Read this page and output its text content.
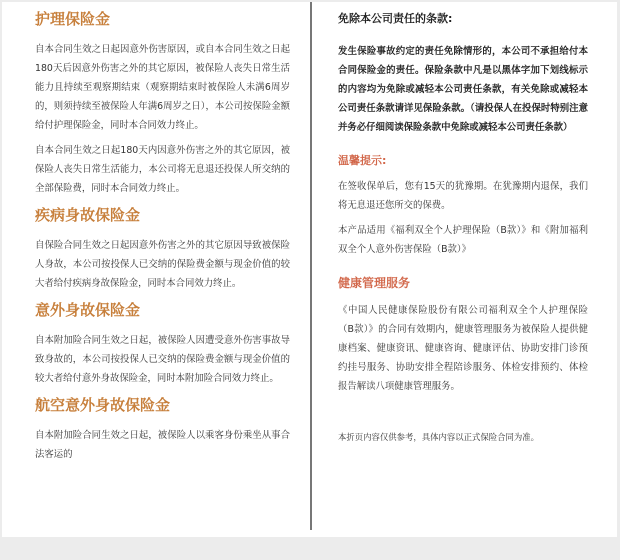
护理保险金

自本合同生效之日起因意外伤害原因，或自本合同生效之日起180天后因意外伤害之外的其它原因，被保险人丧失日常生活能力且持续至观察期结束（观察期结束时被保险人未满6周岁的，则须持续至被保险人年满6周岁之日），本公司按保险金额给付护理保险金，同时本合同效力终止。

自本合同生效之日起180天内因意外伤害之外的其它原因，被保险人丧失日常生活能力，本公司将无息退还投保人所交纳的全部保险费，同时本合同效力终止。

疾病身故保险金

自保险合同生效之日起因意外伤害之外的其它原因导致被保险人身故，本公司按投保人已交纳的保险费金额与现金价值的较大者给付疾病身故保险金，同时本合同效力终止。

意外身故保险金

自本附加险合同生效之日起，被保险人因遭受意外伤害事故导致身故的，本公司按投保人已交纳的保险费金额与现金价值的较大者给付意外身故保险金，同时本附加险合同效力终止。

航空意外身故保险金

自本附加险合同生效之日起，被保险人以乘客身份乘坐从事合法客运的

免除本公司责任的条款:

发生保险事故约定的责任免除情形的，本公司不承担给付本合同保险金的责任。保险条款中凡是以黑体字加下划线标示的内容均为免除或减轻本公司责任条款，有关免除或减轻本公司责任条款请详见保险条款。（请投保人在投保时特别注意并务必仔细阅读保险条款中免除或减轻本公司责任条款）

温馨提示:

在签收保单后，您有15天的犹豫期。在犹豫期内退保，我们将无息退还您所交的保费。

本产品适用《福利双全个人护理保险（B款）》和《附加福利双全个人意外伤害保险（B款）》

健康管理服务

《中国人民健康保险股份有限公司福利双全个人护理保险（B款）》的合同有效期内，健康管理服务为被保险人提供健康档案、健康资讯、健康咨询、健康评估、协助安排门诊预约挂号服务、协助安排全程陪诊服务、体检安排预约、体检报告解读八项健康管理服务。

本折页内容仅供参考，具体内容以正式保险合同为准。
